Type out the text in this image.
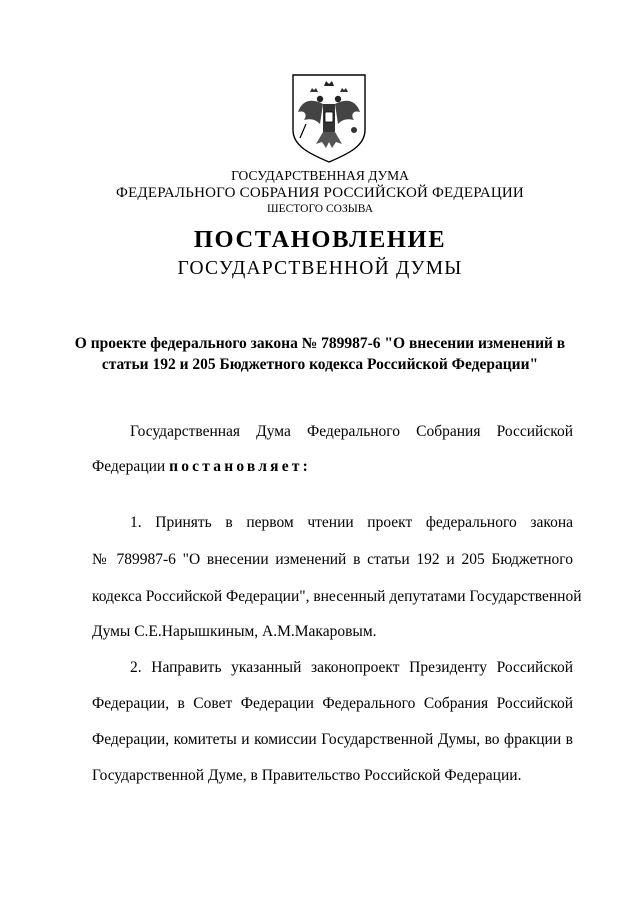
ГОСУДАРСТВЕННАЯ ДУМА
ФЕДЕРАЛЬНОГО СОБРАНИЯ РОССИЙСКОЙ ФЕДЕРАЦИИ
ШЕСТОГО СОЗЫВА
ПОСТАНОВЛЕНИЕ
ГОСУДАРСТВЕННОЙ ДУМЫ
О проекте федерального закона № 789987-6 "О внесении изменений в
статьи 192 и 205 Бюджетного кодекса Российской Федерации"
Государственная Дума Федерального Собрания Российской
Федерации постановляет:
1. Принять в первом чтении проект федерального закона
№ 789987-6 "О внесении изменений в статьи 192 и 205 Бюджетного
кодекса Российской Федерации", внесенный депутатами Государственной
Думы С.Е.Нарышкиным, А.М.Макаровым.
2. Направить указанный законопроект Президенту Российской
Федерации, в Совет Федерации Федерального Собрания Российской
Федерации, комитеты и комиссии Государственной Думы, во фракции в
Государственной Думе, в Правительство Российской Федерации.
